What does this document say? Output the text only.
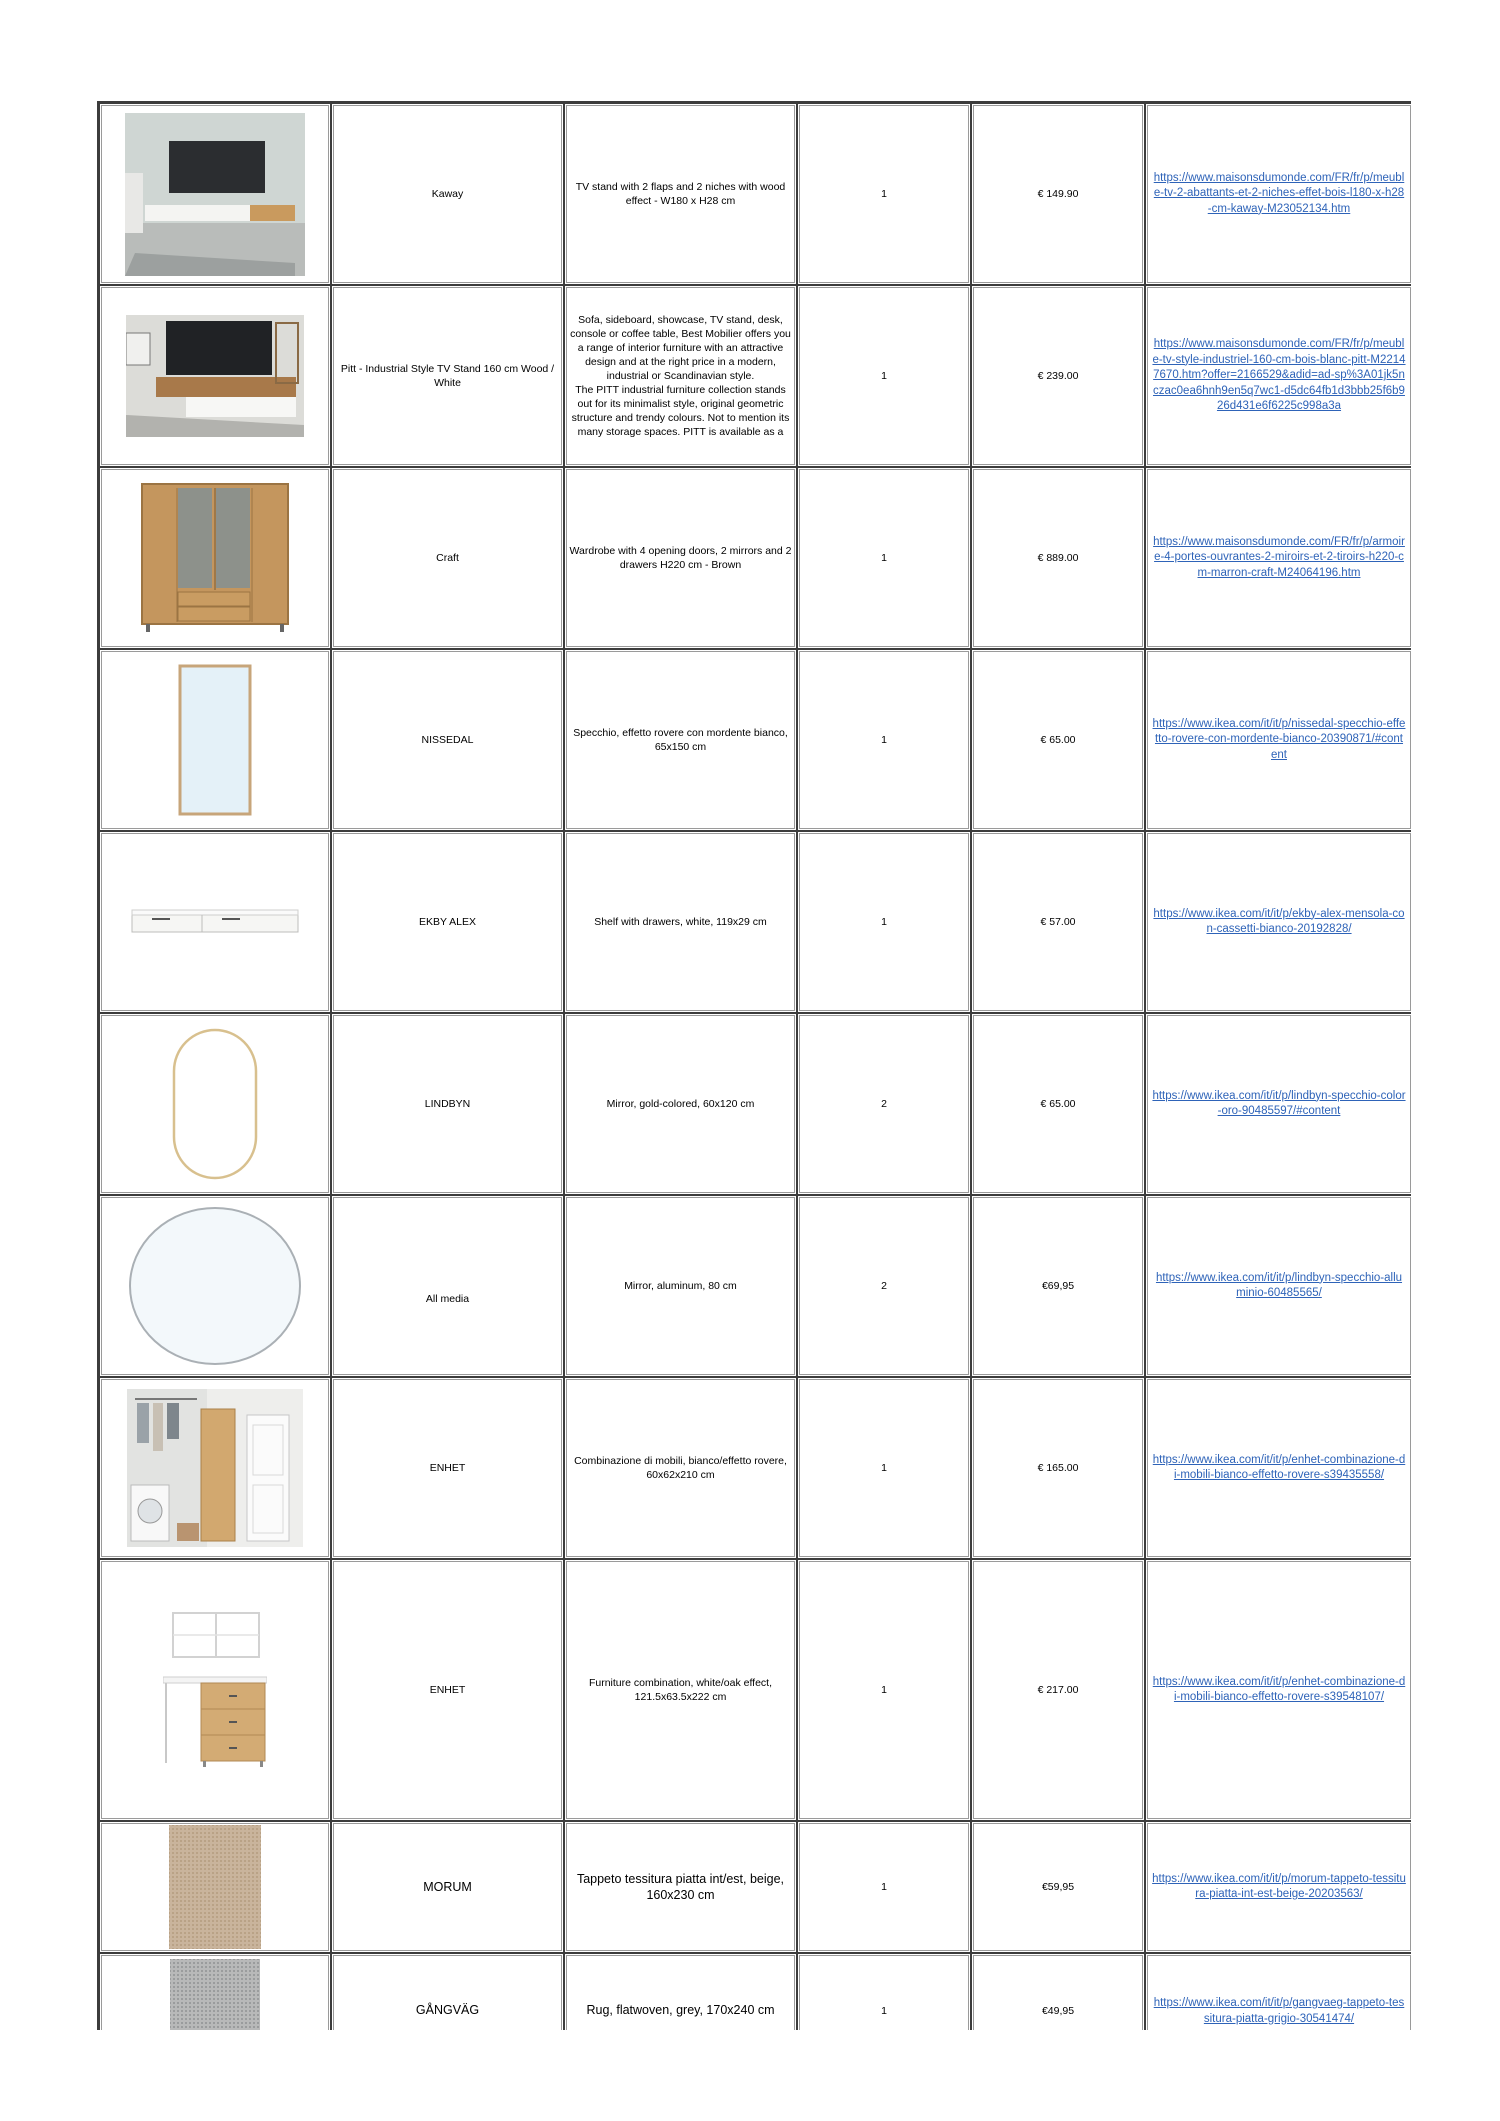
	Kaway	TV stand with 2 flaps and 2 niches with wood effect - W180 x H28 cm	1	€ 149.90	https://www.maisonsdumonde.com/FR/fr/p/meuble-tv-2-abattants-et-2-niches-effet-bois-l180-x-h28-cm-kaway-M23052134.htm

	Pitt - Industrial Style TV Stand 160 cm Wood / White	Sofa, sideboard, showcase, TV stand, desk, console or coffee table, Best Mobilier offers you a range of interior furniture with an attractive design and at the right price in a modern, industrial or Scandinavian style.
The PITT industrial furniture collection stands out for its minimalist style, original geometric structure and trendy colours. Not to mention its many storage spaces. PITT is available as a	1	€ 239.00	https://www.maisonsdumonde.com/FR/fr/p/meuble-tv-style-industriel-160-cm-bois-blanc-pitt-M22147670.htm?offer=2166529&adid=ad-sp%3A01jk5nczac0ea6hnh9en5q7wc1-d5dc64fb1d3bbb25f6b926d431e6f6225c998a3a

	Craft	Wardrobe with 4 opening doors, 2 mirrors and 2 drawers H220 cm - Brown	1	€ 889.00	https://www.maisonsdumonde.com/FR/fr/p/armoire-4-portes-ouvrantes-2-miroirs-et-2-tiroirs-h220-cm-marron-craft-M24064196.htm

	NISSEDAL	Specchio, effetto rovere con mordente bianco, 65x150 cm	1	€ 65.00	https://www.ikea.com/it/it/p/nissedal-specchio-effetto-rovere-con-mordente-bianco-20390871/#content

	EKBY ALEX	Shelf with drawers, white, 119x29 cm	1	€ 57.00	https://www.ikea.com/it/it/p/ekby-alex-mensola-con-cassetti-bianco-20192828/

	LINDBYN	Mirror, gold-colored, 60x120 cm	2	€ 65.00	https://www.ikea.com/it/it/p/lindbyn-specchio-color-oro-90485597/#content

	All media	Mirror, aluminum, 80 cm	2	€69,95	https://www.ikea.com/it/it/p/lindbyn-specchio-alluminio-60485565/

	ENHET	Combinazione di mobili, bianco/effetto rovere, 60x62x210 cm	1	€ 165.00	https://www.ikea.com/it/it/p/enhet-combinazione-di-mobili-bianco-effetto-rovere-s39435558/

	ENHET	Furniture combination, white/oak effect, 121.5x63.5x222 cm	1	€ 217.00	https://www.ikea.com/it/it/p/enhet-combinazione-di-mobili-bianco-effetto-rovere-s39548107/

	MORUM	Tappeto tessitura piatta int/est, beige, 160x230 cm	1	€59,95	https://www.ikea.com/it/it/p/morum-tappeto-tessitura-piatta-int-est-beige-20203563/

	GÅNGVÄG	Rug, flatwoven, grey, 170x240 cm	1	€49,95	https://www.ikea.com/it/it/p/gangvaeg-tappeto-tessitura-piatta-grigio-30541474/
